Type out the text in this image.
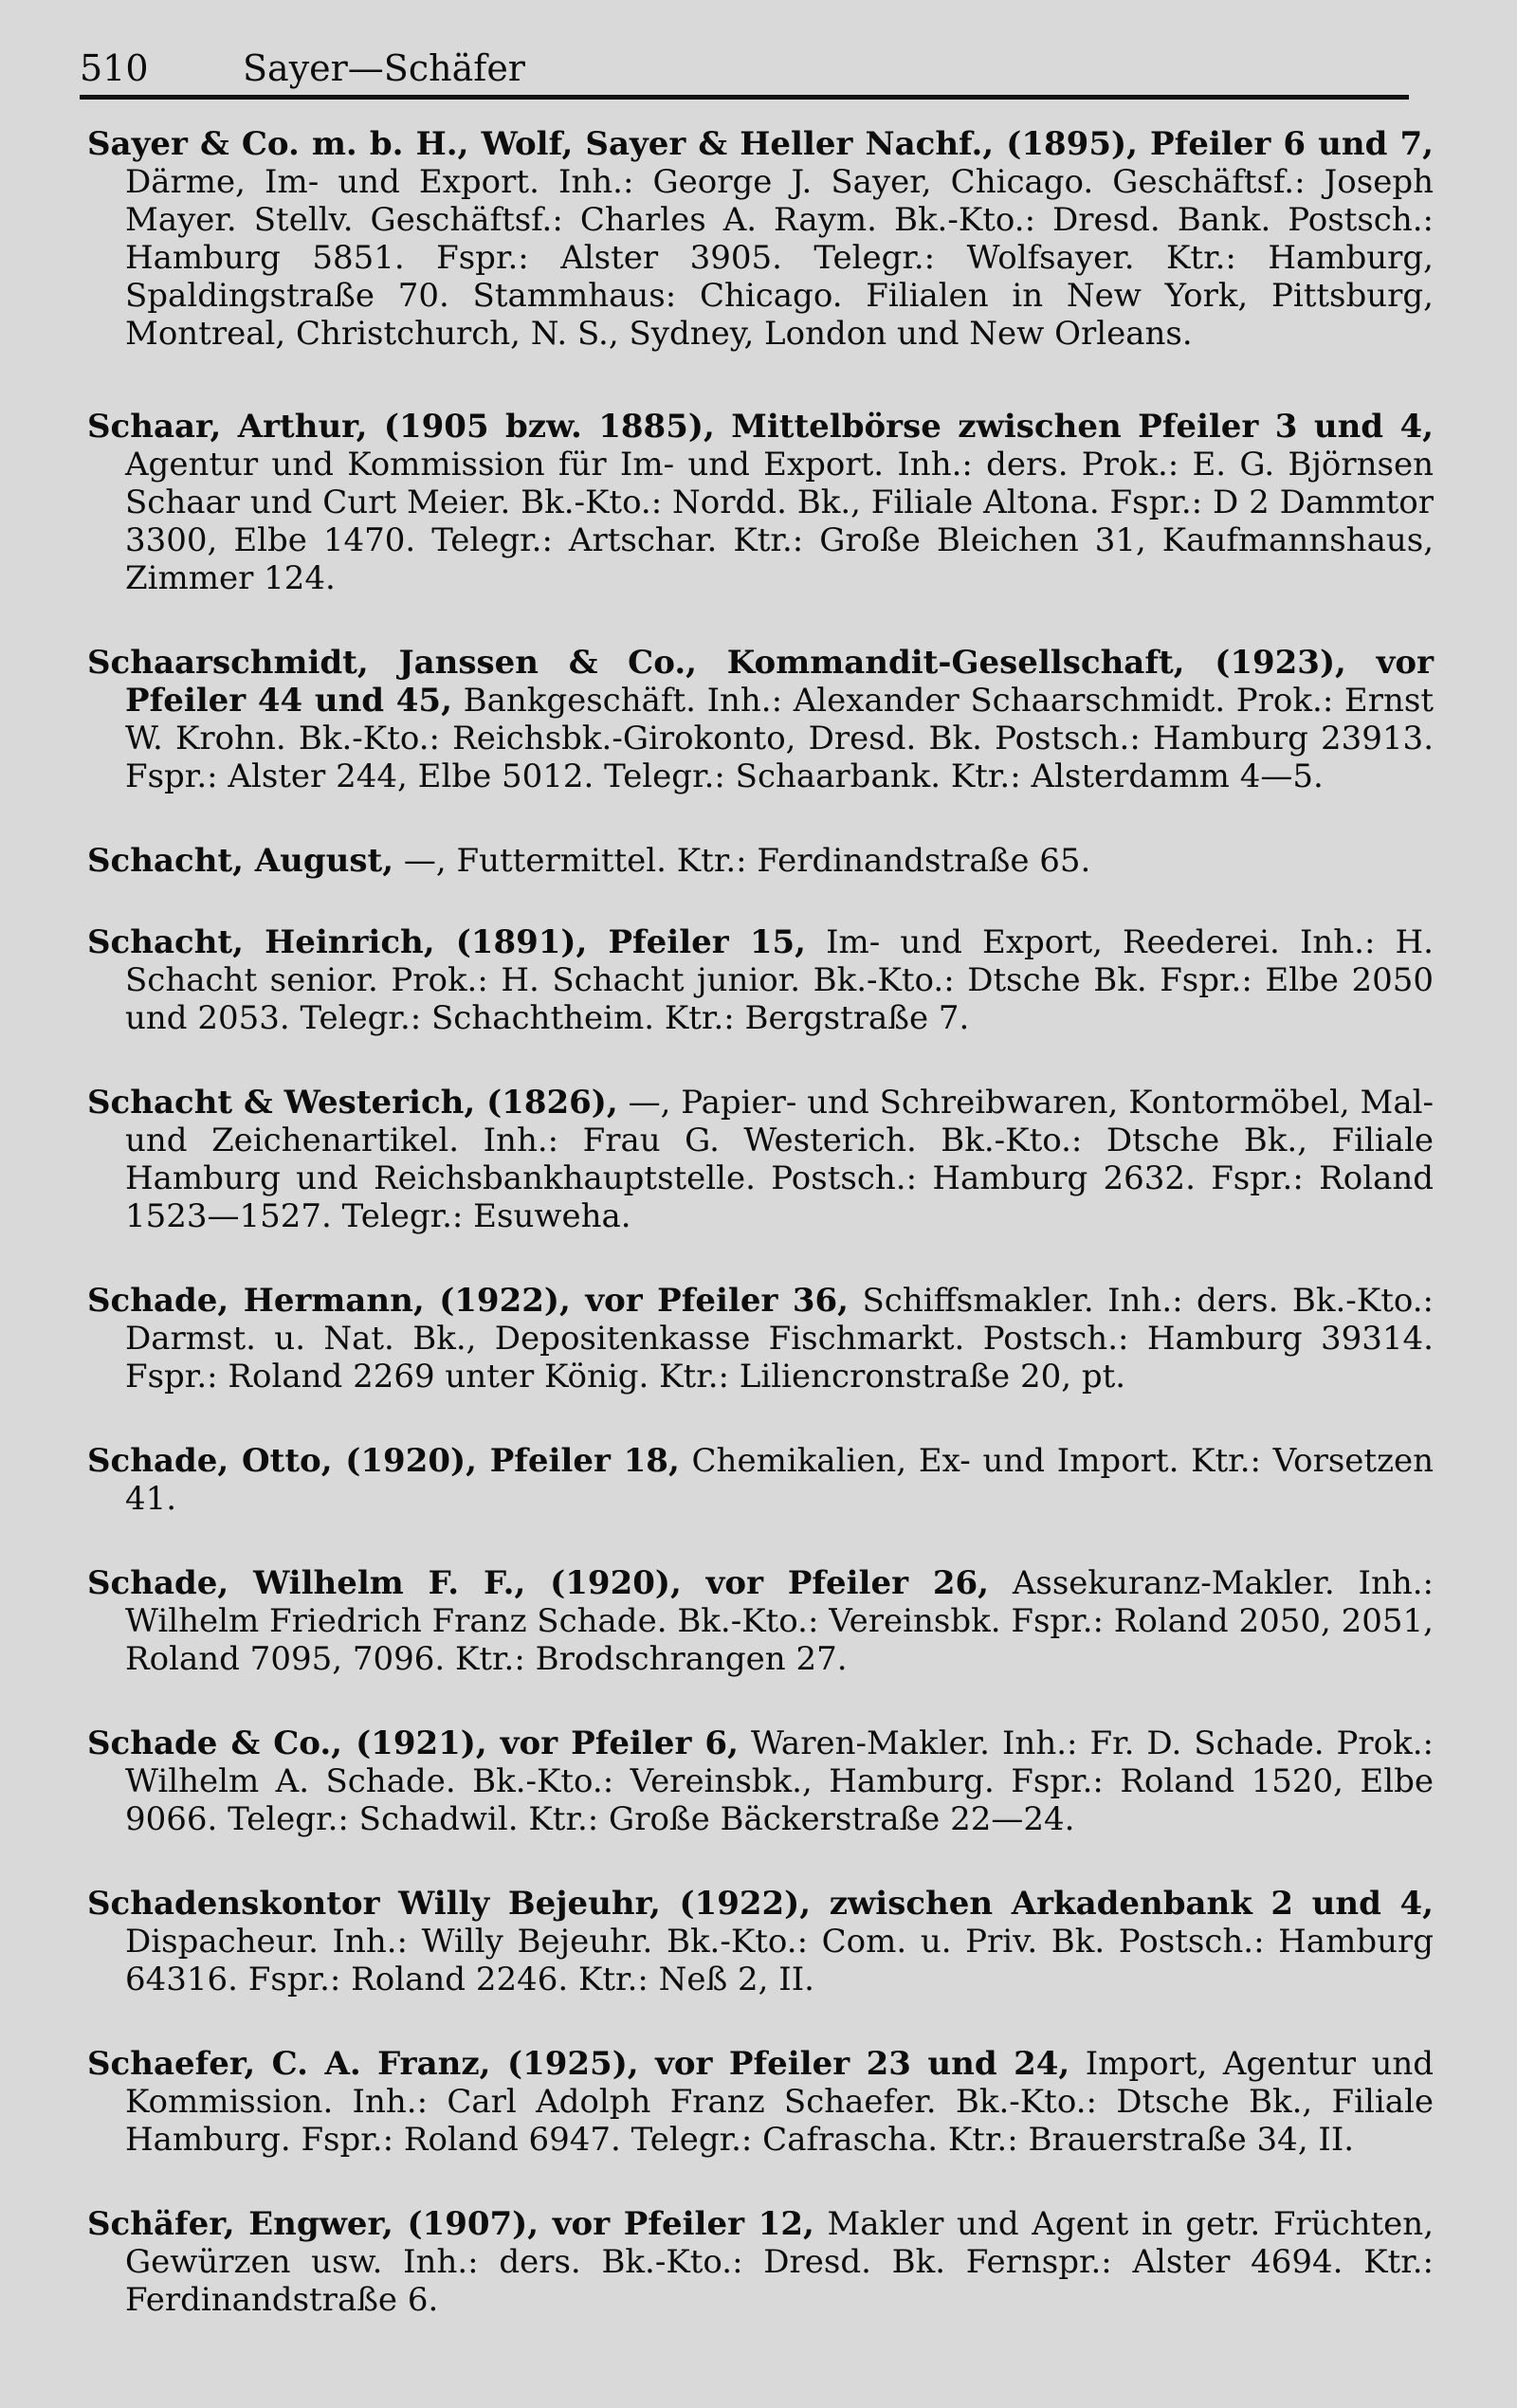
510	Sayer—Schäfer

Sayer & Co. m. b. H., Wolf, Sayer & Heller Nachf., (1895), Pfeiler 6 und 7, Därme, Im- und Export. Inh.: George J. Sayer, Chicago. Geschäftsf.: Joseph Mayer. Stellv. Geschäftsf.: Charles A. Raym. Bk.-Kto.: Dresd. Bank. Postsch.: Hamburg 5851. Fspr.: Alster 3905. Telegr.: Wolfsayer. Ktr.: Hamburg, Spaldingstraße 70. Stammhaus: Chicago. Filialen in New York, Pittsburg, Montreal, Christchurch, N. S., Sydney, London und New Orleans.

Schaar, Arthur, (1905 bzw. 1885), Mittelbörse zwischen Pfeiler 3 und 4, Agentur und Kommission für Im- und Export. Inh.: ders. Prok.: E. G. Björnsen Schaar und Curt Meier. Bk.-Kto.: Nordd. Bk., Filiale Altona. Fspr.: D 2 Dammtor 3300, Elbe 1470. Telegr.: Artschar. Ktr.: Große Bleichen 31, Kaufmannshaus, Zimmer 124.

Schaarschmidt, Janssen & Co., Kommandit-Gesellschaft, (1923), vor Pfeiler 44 und 45, Bankgeschäft. Inh.: Alexander Schaarschmidt. Prok.: Ernst W. Krohn. Bk.-Kto.: Reichsbk.-Girokonto, Dresd. Bk. Postsch.: Hamburg 23913. Fspr.: Alster 244, Elbe 5012. Telegr.: Schaarbank. Ktr.: Alsterdamm 4—5.

Schacht, August, —, Futtermittel. Ktr.: Ferdinandstraße 65.

Schacht, Heinrich, (1891), Pfeiler 15, Im- und Export, Reederei. Inh.: H. Schacht senior. Prok.: H. Schacht junior. Bk.-Kto.: Dtsche Bk. Fspr.: Elbe 2050 und 2053. Telegr.: Schachtheim. Ktr.: Bergstraße 7.

Schacht & Westerich, (1826), —, Papier- und Schreibwaren, Kontormöbel, Mal- und Zeichenartikel. Inh.: Frau G. Westerich. Bk.-Kto.: Dtsche Bk., Filiale Hamburg und Reichsbankhauptstelle. Postsch.: Hamburg 2632. Fspr.: Roland 1523—1527. Telegr.: Esuweha.

Schade, Hermann, (1922), vor Pfeiler 36, Schiffsmakler. Inh.: ders. Bk.-Kto.: Darmst. u. Nat. Bk., Depositenkasse Fischmarkt. Postsch.: Hamburg 39314. Fspr.: Roland 2269 unter König. Ktr.: Liliencronstraße 20, pt.

Schade, Otto, (1920), Pfeiler 18, Chemikalien, Ex- und Import. Ktr.: Vorsetzen 41.

Schade, Wilhelm F. F., (1920), vor Pfeiler 26, Assekuranz-Makler. Inh.: Wilhelm Friedrich Franz Schade. Bk.-Kto.: Vereinsbk. Fspr.: Roland 2050, 2051, Roland 7095, 7096. Ktr.: Brodschrangen 27.

Schade & Co., (1921), vor Pfeiler 6, Waren-Makler. Inh.: Fr. D. Schade. Prok.: Wilhelm A. Schade. Bk.-Kto.: Vereinsbk., Hamburg. Fspr.: Roland 1520, Elbe 9066. Telegr.: Schadwil. Ktr.: Große Bäckerstraße 22—24.

Schadenskontor Willy Bejeuhr, (1922), zwischen Arkadenbank 2 und 4, Dispacheur. Inh.: Willy Bejeuhr. Bk.-Kto.: Com. u. Priv. Bk. Postsch.: Hamburg 64316. Fspr.: Roland 2246. Ktr.: Neß 2, II.

Schaefer, C. A. Franz, (1925), vor Pfeiler 23 und 24, Import, Agentur und Kommission. Inh.: Carl Adolph Franz Schaefer. Bk.-Kto.: Dtsche Bk., Filiale Hamburg. Fspr.: Roland 6947. Telegr.: Cafrascha. Ktr.: Brauerstraße 34, II.

Schäfer, Engwer, (1907), vor Pfeiler 12, Makler und Agent in getr. Früchten, Gewürzen usw. Inh.: ders. Bk.-Kto.: Dresd. Bk. Fernspr.: Alster 4694. Ktr.: Ferdinandstraße 6.
